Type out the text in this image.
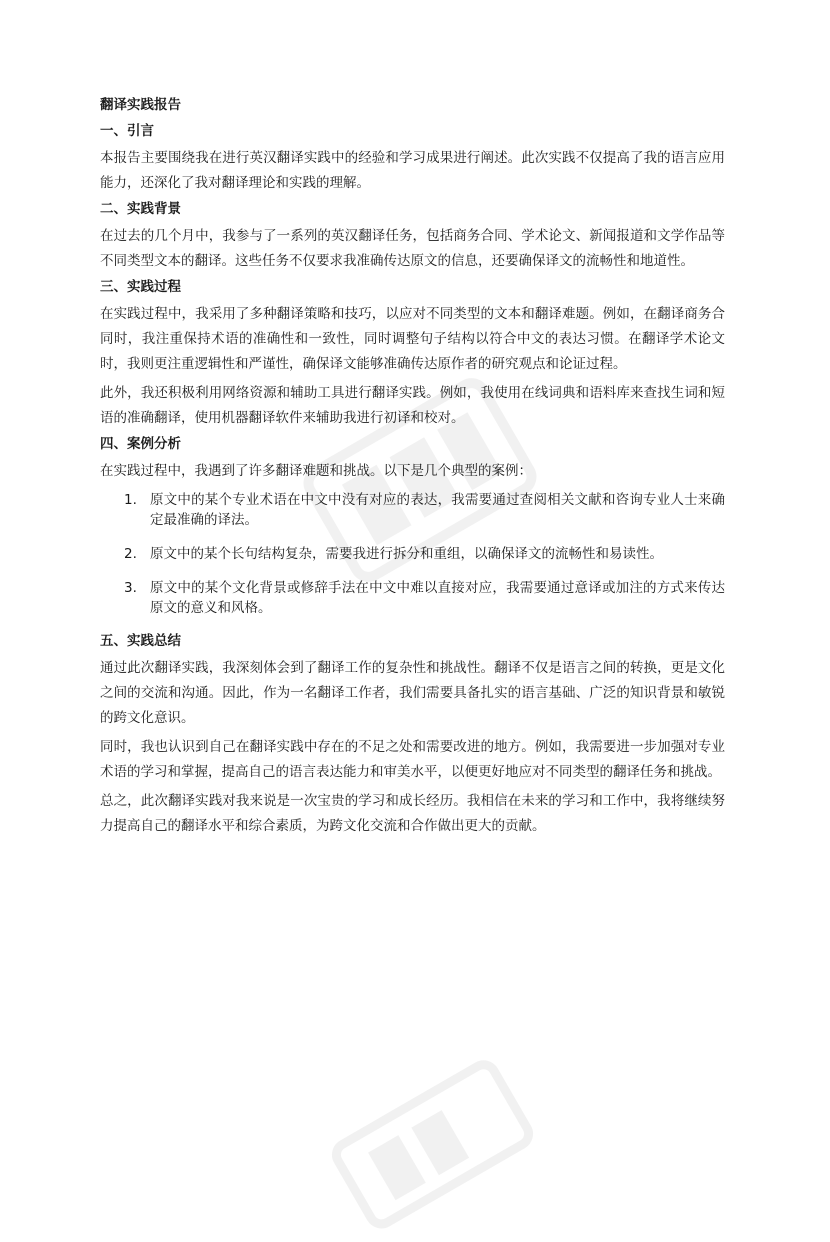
翻译实践报告
一、引言

本报告主要围绕我在进行英汉翻译实践中的经验和学习成果进行阐述。此次实践不仅提高了我的语言应用能力，还深化了我对翻译理论和实践的理解。

二、实践背景

在过去的几个月中，我参与了一系列的英汉翻译任务，包括商务合同、学术论文、新闻报道和文学作品等不同类型文本的翻译。这些任务不仅要求我准确传达原文的信息，还要确保译文的流畅性和地道性。

三、实践过程

在实践过程中，我采用了多种翻译策略和技巧，以应对不同类型的文本和翻译难题。例如，在翻译商务合同时，我注重保持术语的准确性和一致性，同时调整句子结构以符合中文的表达习惯。在翻译学术论文时，我则更注重逻辑性和严谨性，确保译文能够准确传达原作者的研究观点和论证过程。

此外，我还积极利用网络资源和辅助工具进行翻译实践。例如，我使用在线词典和语料库来查找生词和短语的准确翻译，使用机器翻译软件来辅助我进行初译和校对。

四、案例分析

在实践过程中，我遇到了许多翻译难题和挑战。以下是几个典型的案例：

1. 原文中的某个专业术语在中文中没有对应的表达，我需要通过查阅相关文献和咨询专业人士来确定最准确的译法。
2. 原文中的某个长句结构复杂，需要我进行拆分和重组，以确保译文的流畅性和易读性。
3. 原文中的某个文化背景或修辞手法在中文中难以直接对应，我需要通过意译或加注的方式来传达原文的意义和风格。
五、实践总结

通过此次翻译实践，我深刻体会到了翻译工作的复杂性和挑战性。翻译不仅是语言之间的转换，更是文化之间的交流和沟通。因此，作为一名翻译工作者，我们需要具备扎实的语言基础、广泛的知识背景和敏锐的跨文化意识。

同时，我也认识到自己在翻译实践中存在的不足之处和需要改进的地方。例如，我需要进一步加强对专业术语的学习和掌握，提高自己的语言表达能力和审美水平，以便更好地应对不同类型的翻译任务和挑战。

总之，此次翻译实践对我来说是一次宝贵的学习和成长经历。我相信在未来的学习和工作中，我将继续努力提高自己的翻译水平和综合素质，为跨文化交流和合作做出更大的贡献。
